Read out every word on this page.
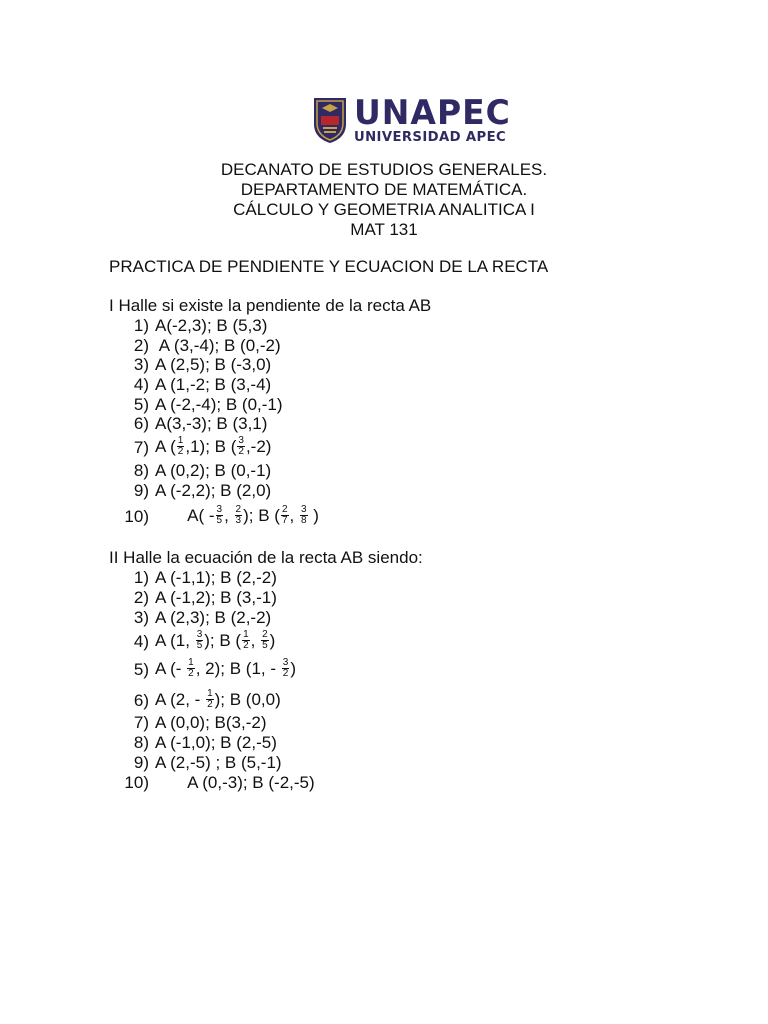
UNAPEC
UNIVERSIDAD APEC
DECANATO DE ESTUDIOS GENERALES.
DEPARTAMENTO DE MATEMÁTICA.
CÁLCULO Y GEOMETRIA ANALITICA I
MAT 131
PRACTICA DE PENDIENTE Y ECUACION DE LA RECTA
I Halle si existe la pendiente de la recta AB
1) A(-2,3); B (5,3)
2) A (3,-4); B (0,-2)
3) A (2,5); B (-3,0)
4) A (1,-2; B (3,-4)
5) A (-2,-4); B (0,-1)
6) A(3,-3); B (3,1)
7) A ( $\frac{1}{2} ,1$); B ( $\frac{3}{2} ,-2$)
8) A (0,2); B (0,-1)
9) A (-2,2); B (2,0)
10) $A( - \frac{3}{5}$ , $\frac{2}{3}$ ); B ( $\frac{2}{7}$ , $\frac{3}{8}$ )
II Halle la ecuación de la recta AB siendo:
1) A (-1,1); B (2,-2)
2) A (-1,2); B (3,-1)
3) A (2,3); B (2,-2)
4) A (1, $\frac{3}{5}$ ); B ( $\frac{1}{2}$ , $\frac{2}{5}$ )
5) A (- $\frac{1}{2}$ , 2); B (1, - $\frac{3}{2}$ )
6) A (2, - $\frac{1}{2}$ ); B (0,0)
7) A (0,0); B(3,-2)
8) A (-1,0); B (2,-5)
9) A (2,-5) ; B (5,-1)
10) A (0,-3); B (-2,-5)
